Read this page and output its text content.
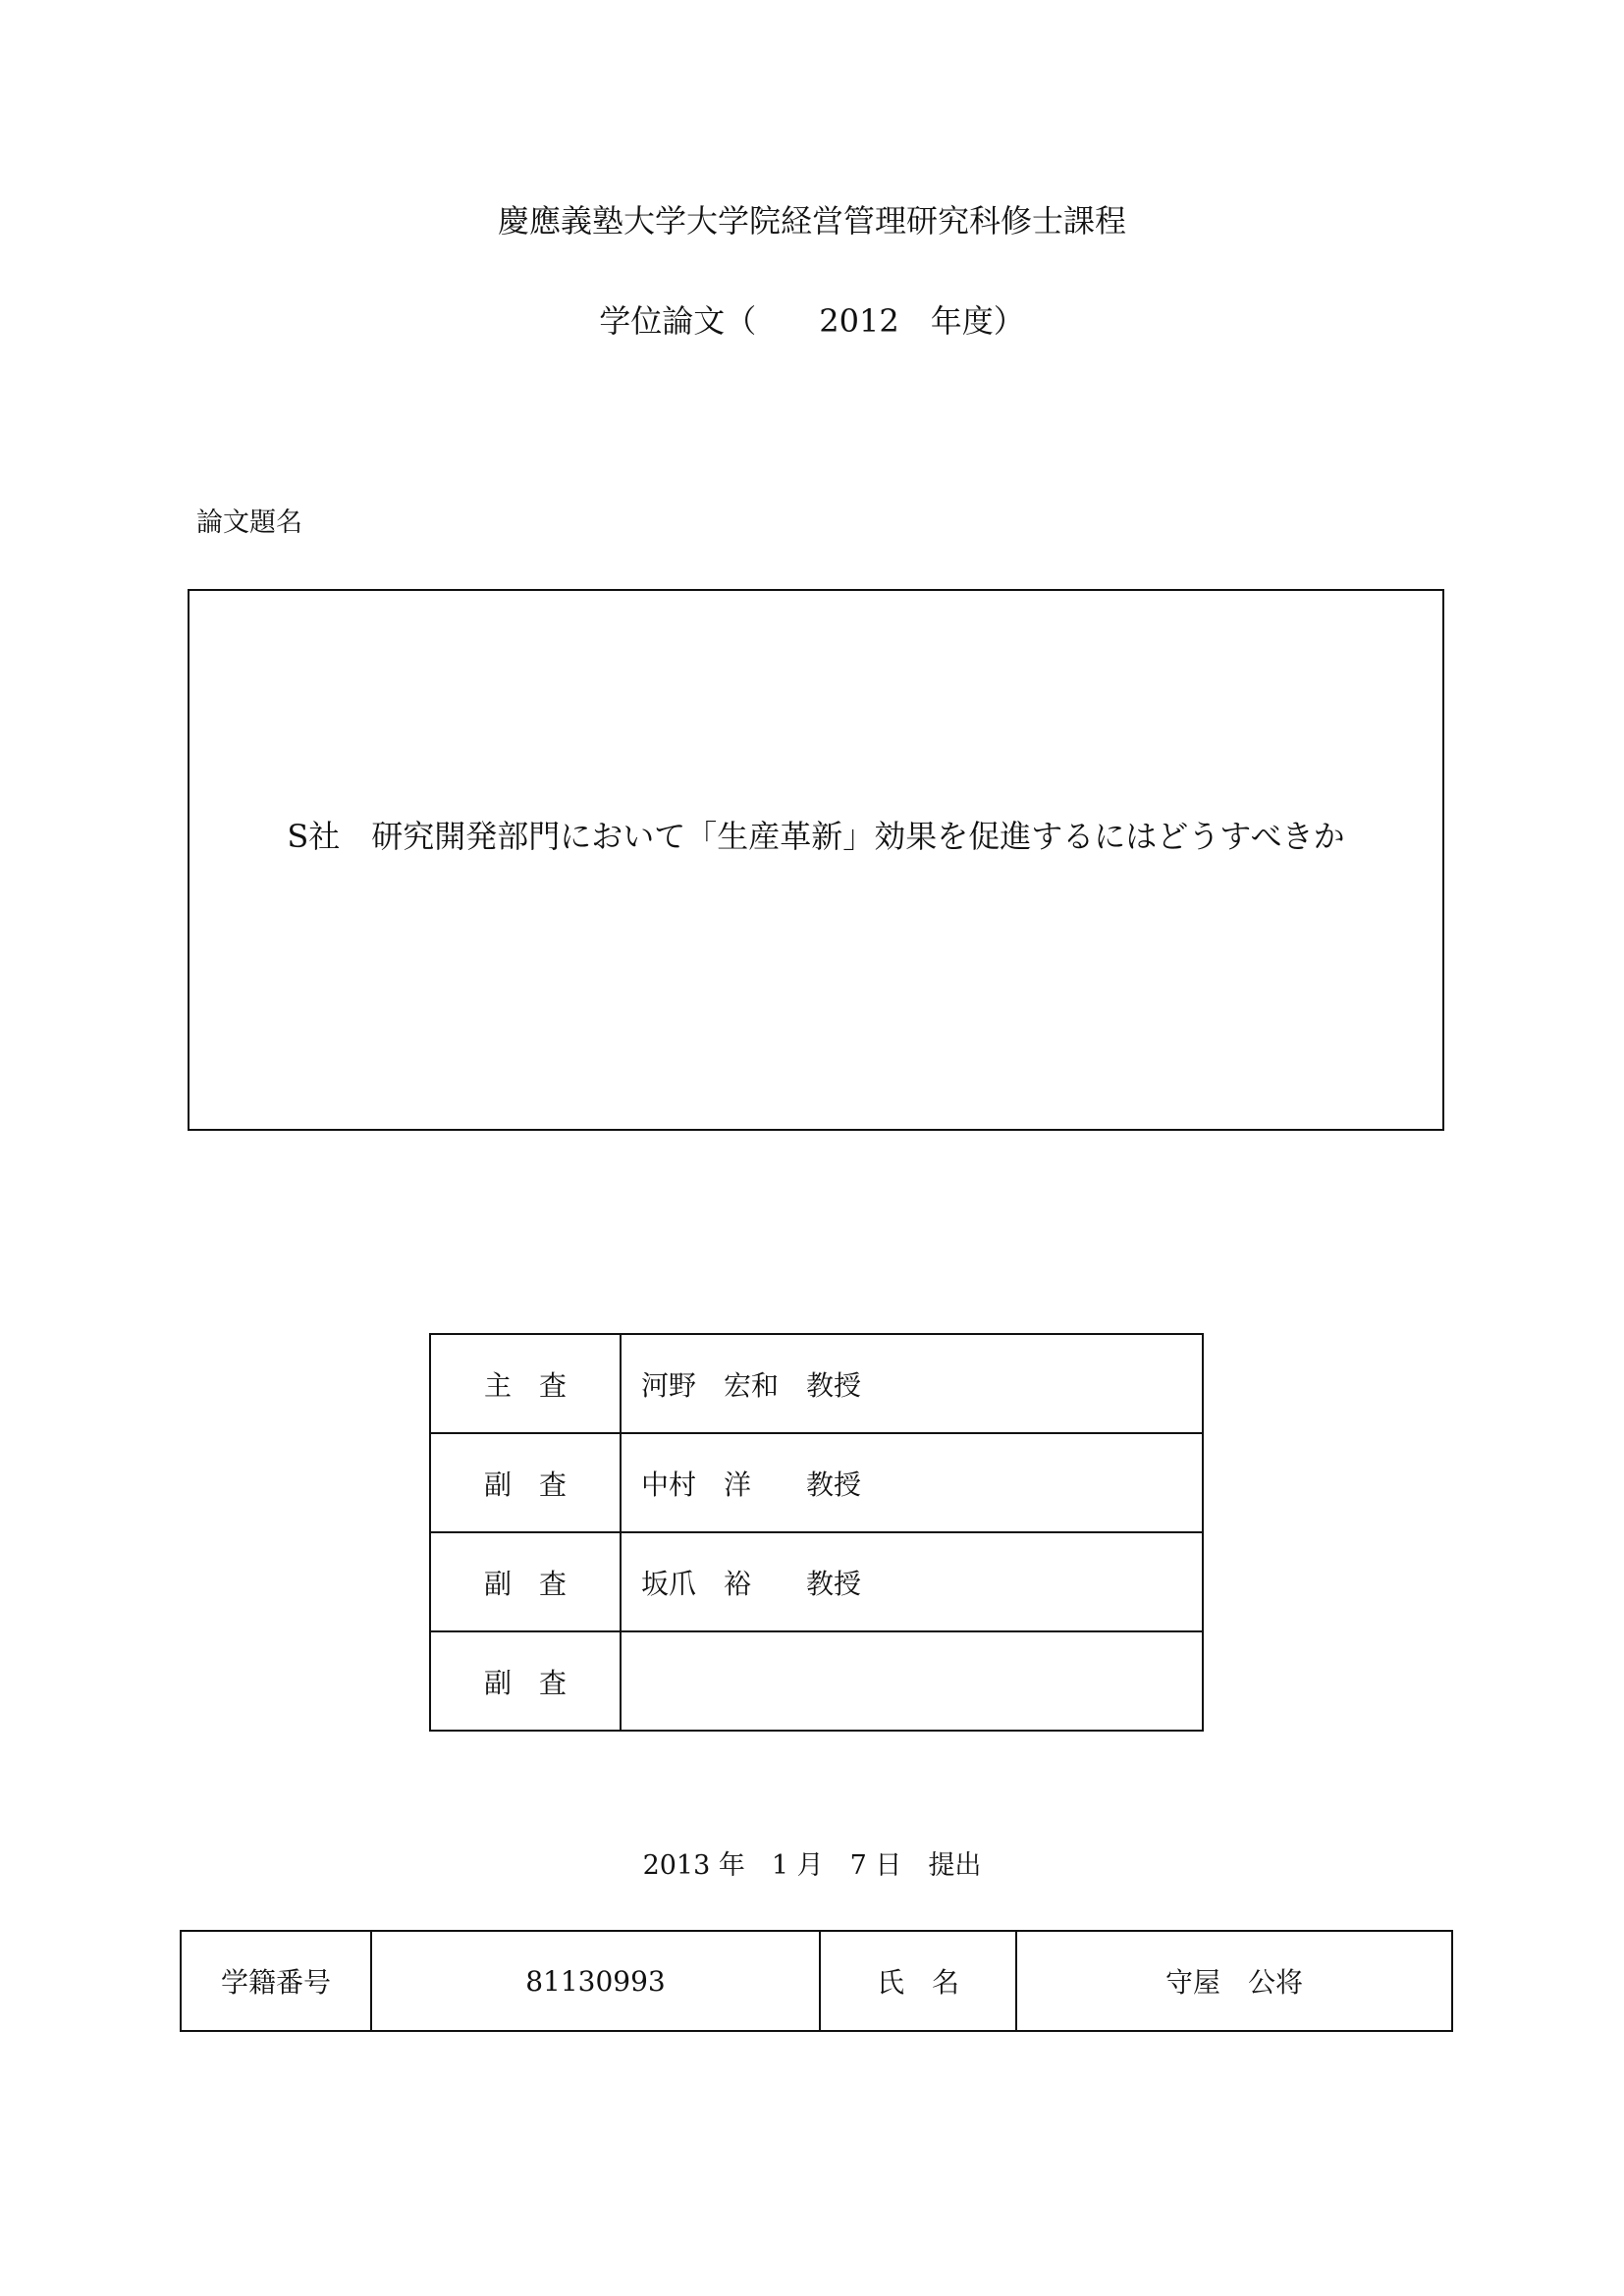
慶應義塾大学大学院経営管理研究科修士課程
学位論文（　　2012　年度）
論文題名
S社　研究開発部門において「生産革新」効果を促進するにはどうすべきか
主　査	河野　宏和　教授
副　査	中村　洋　　教授
副　査	坂爪　裕　　教授
副　査	
2013 年　1 月　7 日　提出
学籍番号	81130993	氏　名	守屋　公将
